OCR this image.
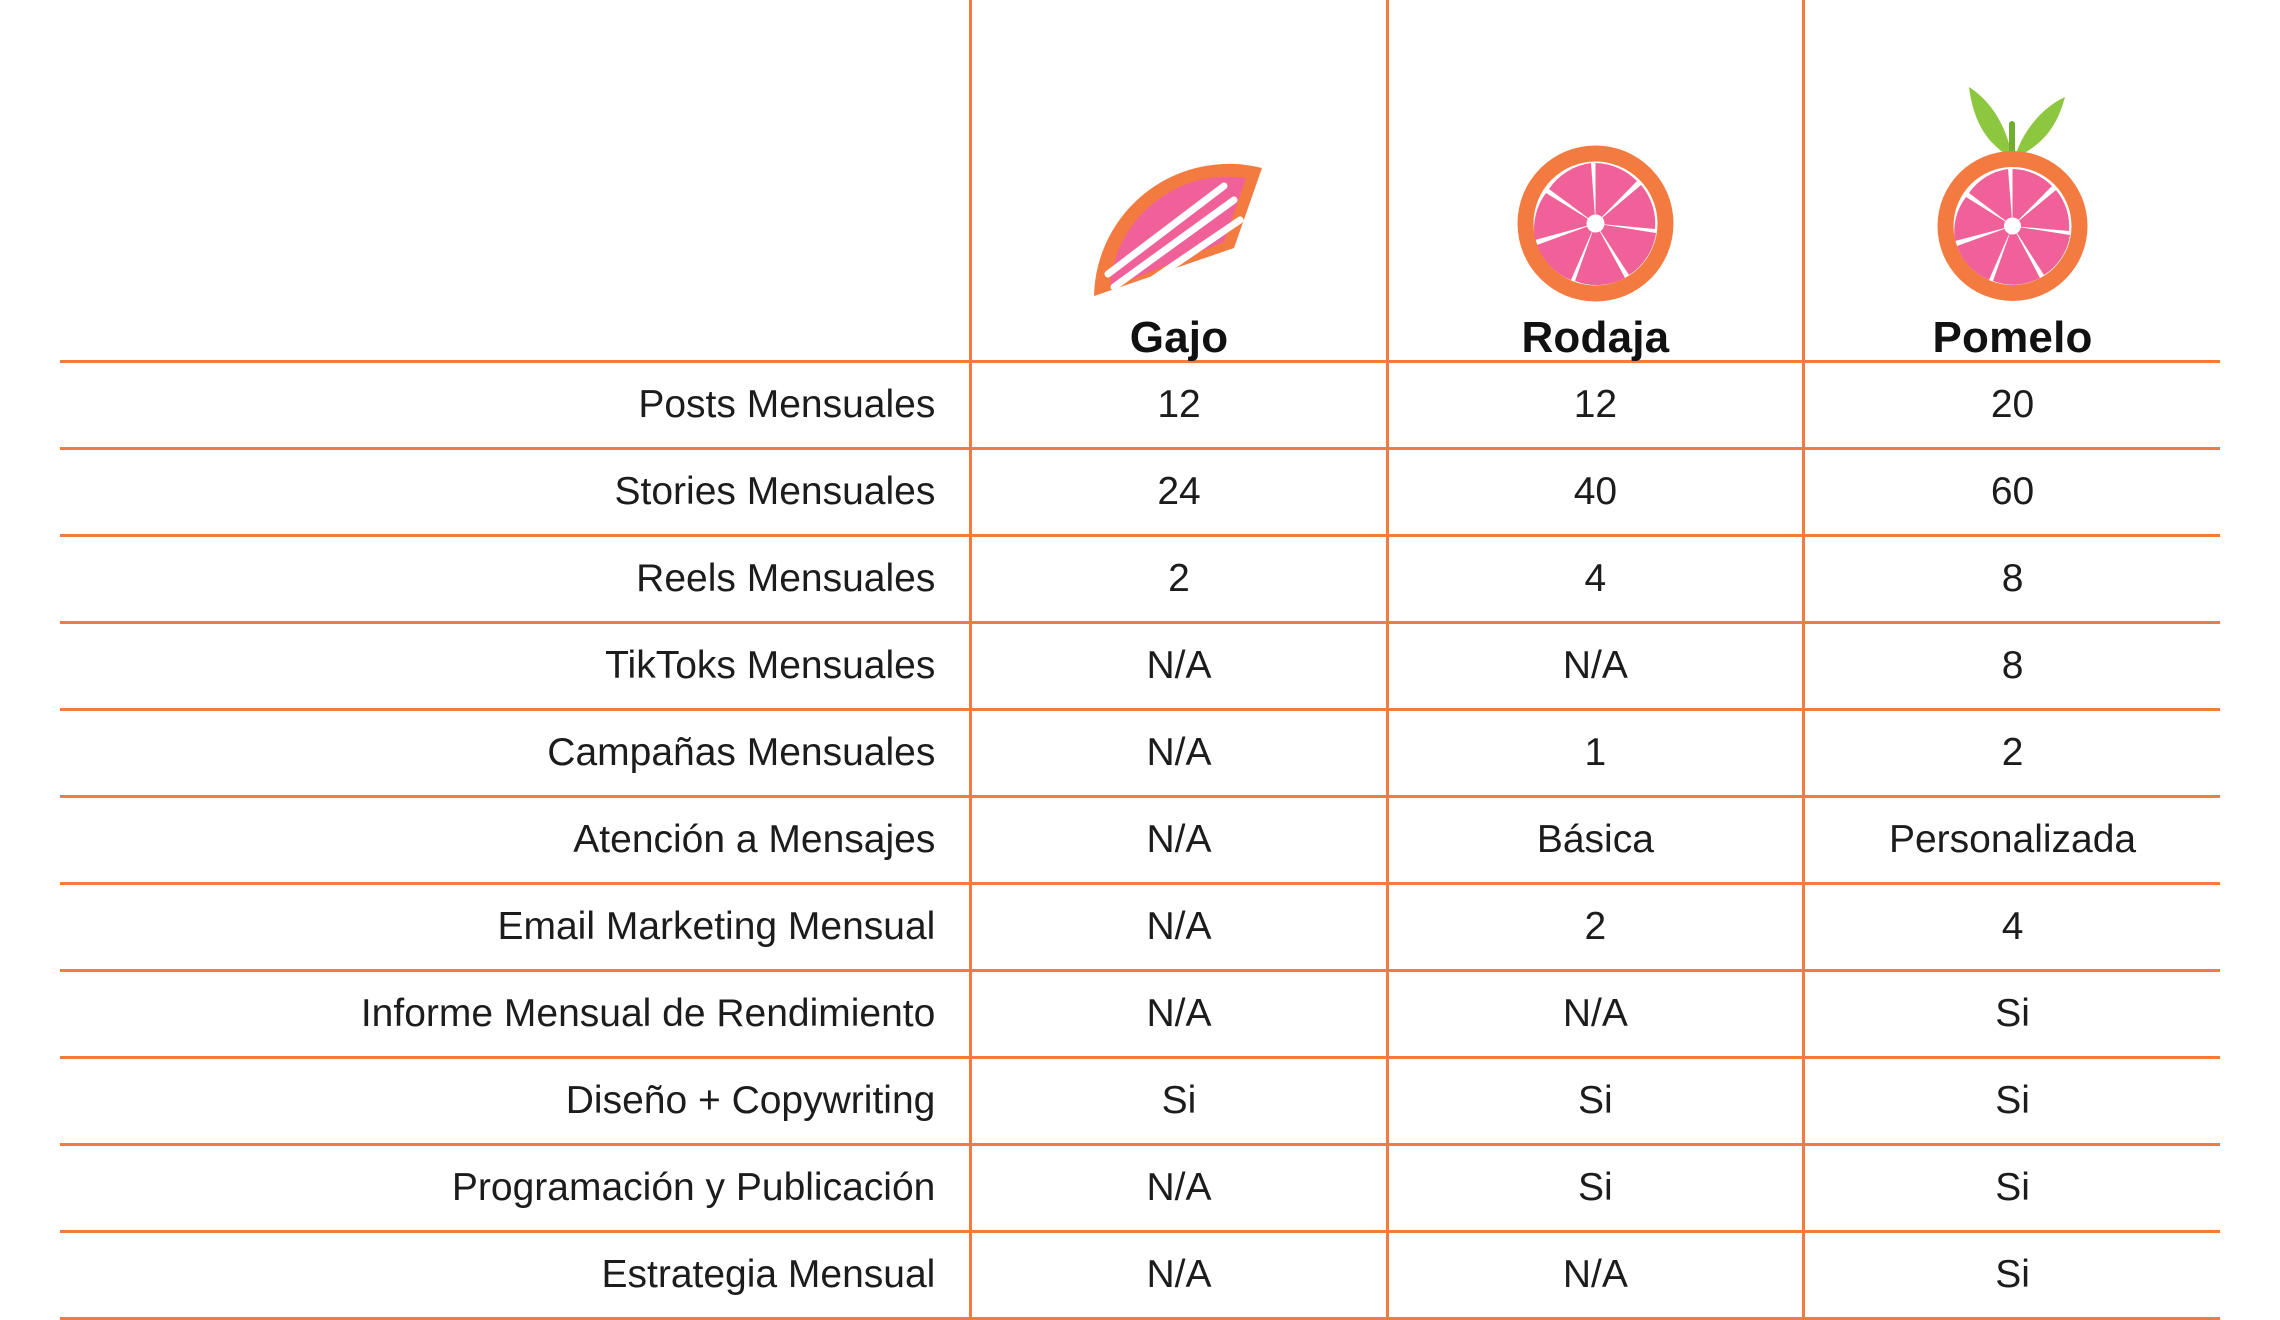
	Gajo	Rodaja	Pomelo

Posts Mensuales	12	12	20
Stories Mensuales	24	40	60
Reels Mensuales	2	4	8
TikToks Mensuales	N/A	N/A	8
Campañas Mensuales	N/A	1	2
Atención a Mensajes	N/A	Básica	Personalizada
Email Marketing Mensual	N/A	2	4
Informe Mensual de Rendimiento	N/A	N/A	Si
Diseño + Copywriting	Si	Si	Si
Programación y Publicación	N/A	Si	Si
Estrategia Mensual	N/A	N/A	Si
